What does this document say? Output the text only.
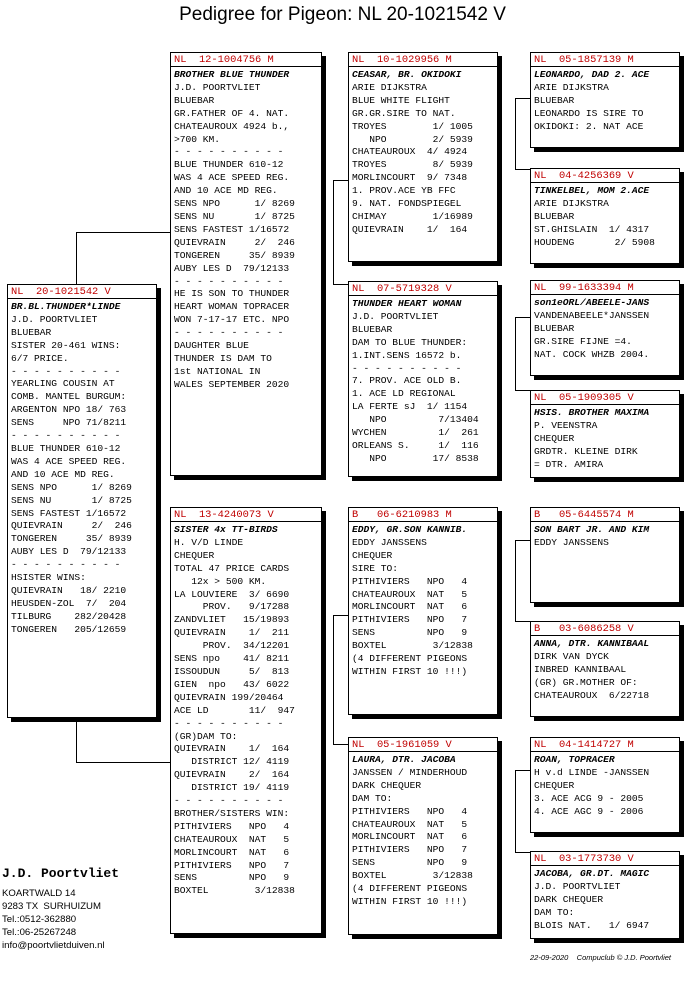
Pedigree for Pigeon: NL 20-1021542 V
NL  20-1021542 V
BR.BL.THUNDER*LINDE
J.D. POORTVLIET
BLUEBAR
SISTER 20-461 WINS:
6/7 PRICE.
- - - - - - - - - -
YEARLING COUSIN AT
COMB. MANTEL BURGUM:
ARGENTON NPO 18/ 763
SENS     NPO 71/8211
- - - - - - - - - -
BLUE THUNDER 610-12
WAS 4 ACE SPEED REG.
AND 10 ACE MD REG.
SENS NPO      1/ 8269
SENS NU       1/ 8725
SENS FASTEST 1/16572
QUIEVRAIN     2/  246
TONGEREN     35/ 8939
AUBY LES D  79/12133
- - - - - - - - - -
HSISTER WINS:
QUIEVRAIN   18/ 2210
HEUSDEN-ZOL  7/  204
TILBURG    282/20428
TONGEREN   205/12659
NL  12-1004756 M
BROTHER BLUE THUNDER
J.D. POORTVLIET
BLUEBAR
GR.FATHER OF 4. NAT.
CHATEAUROUX 4924 b.,
>700 KM.
- - - - - - - - - -
BLUE THUNDER 610-12
WAS 4 ACE SPEED REG.
AND 10 ACE MD REG.
SENS NPO      1/ 8269
SENS NU       1/ 8725
SENS FASTEST 1/16572
QUIEVRAIN     2/  246
TONGEREN     35/ 8939
AUBY LES D  79/12133
- - - - - - - - - -
HE IS SON TO THUNDER
HEART WOMAN TOPRACER
WON 7-17-17 ETC. NPO
- - - - - - - - - -
DAUGHTER BLUE
THUNDER IS DAM TO
1st NATIONAL IN
WALES SEPTEMBER 2020
NL  13-4240073 V
SISTER 4x TT-BIRDS
H. V/D LINDE
CHEQUER
TOTAL 47 PRICE CARDS
12x > 500 KM.
LA LOUVIERE  3/ 6690
PROV.   9/17288
ZANDVLIET   15/19893
QUIEVRAIN    1/  211
PROV.  34/12201
SENS npo    41/ 8211
ISSOUDUN     5/  813
GIEN  npo   43/ 6022
QUIEVRAIN 199/20464
ACE LD       11/  947
- - - - - - - - - -
(GR)DAM TO:
QUIEVRAIN    1/  164
DISTRICT 12/ 4119
QUIEVRAIN    2/  164
DISTRICT 19/ 4119
- - - - - - - - - -
BROTHER/SISTERS WIN:
PITHIVIERS   NPO   4
CHATEAUROUX  NAT   5
MORLINCOURT  NAT   6
PITHIVIERS   NPO   7
SENS         NPO   9
BOXTEL        3/12838
NL  10-1029956 M
CEASAR, BR. OKIDOKI
ARIE DIJKSTRA
BLUE WHITE FLIGHT
GR.GR.SIRE TO NAT.
TROYES        1/ 1005
NPO        2/ 5939
CHATEAUROUX  4/ 4924
TROYES        8/ 5939
MORLINCOURT  9/ 7348
1. PROV.ACE YB FFC
9. NAT. FONDSPIEGEL
CHIMAY        1/16989
QUIEVRAIN    1/  164
NL  07-5719328 V
THUNDER HEART WOMAN
J.D. POORTVLIET
BLUEBAR
DAM TO BLUE THUNDER:
1.INT.SENS 16572 b.
- - - - - - - - - -
7. PROV. ACE OLD B.
1. ACE LD REGIONAL
LA FERTE sJ  1/ 1154
NPO         7/13404
WYCHEN         1/  261
ORLEANS S.     1/  116
NPO        17/ 8538
B   06-6210983 M
EDDY, GR.SON KANNIB.
EDDY JANSSENS
CHEQUER
SIRE TO:
PITHIVIERS   NPO   4
CHATEAUROUX  NAT   5
MORLINCOURT  NAT   6
PITHIVIERS   NPO   7
SENS         NPO   9
BOXTEL        3/12838
(4 DIFFERENT PIGEONS
WITHIN FIRST 10 !!!)
NL  05-1961059 V
LAURA, DTR. JACOBA
JANSSEN / MINDERHOUD
DARK CHEQUER
DAM TO:
PITHIVIERS   NPO   4
CHATEAUROUX  NAT   5
MORLINCOURT  NAT   6
PITHIVIERS   NPO   7
SENS         NPO   9
BOXTEL        3/12838
(4 DIFFERENT PIGEONS
WITHIN FIRST 10 !!!)
NL  05-1857139 M
LEONARDO, DAD 2. ACE
ARIE DIJKSTRA
BLUEBAR
LEONARDO IS SIRE TO
OKIDOKI: 2. NAT ACE
NL  04-4256369 V
TINKELBEL, MOM 2.ACE
ARIE DIJKSTRA
BLUEBAR
ST.GHISLAIN  1/ 4317
HOUDENG       2/ 5908
NL  99-1633394 M
son1eORL/ABEELE-JANS
VANDENABEELE*JANSSEN
BLUEBAR
GR.SIRE FIJNE =4.
NAT. COCK WHZB 2004.
NL  05-1909305 V
HSIS. BROTHER MAXIMA
P. VEENSTRA
CHEQUER
GRDTR. KLEINE DIRK
= DTR. AMIRA
B   05-6445574 M
SON BART JR. AND KIM
EDDY JANSSENS
B   03-6086258 V
ANNA, DTR. KANNIBAAL
DIRK VAN DYCK
INBRED KANNIBAAL
(GR) GR.MOTHER OF:
CHATEAUROUX  6/22718
NL  04-1414727 M
ROAN, TOPRACER
H v.d LINDE -JANSSEN
CHEQUER
3. ACE ACG 9 - 2005
4. ACE AGC 9 - 2006
NL  03-1773730 V
JACOBA, GR.DT. MAGIC
J.D. POORTVLIET
DARK CHEQUER
DAM TO:
BLOIS NAT.   1/ 6947
J.D. Poortvliet
KOARTWALD 14
9283 TX  SURHUIZUM
Tel.:0512-362880
Tel.:06-25267248
info@poortvlietduiven.nl
22-09-2020    Compuclub © J.D. Poortvliet
